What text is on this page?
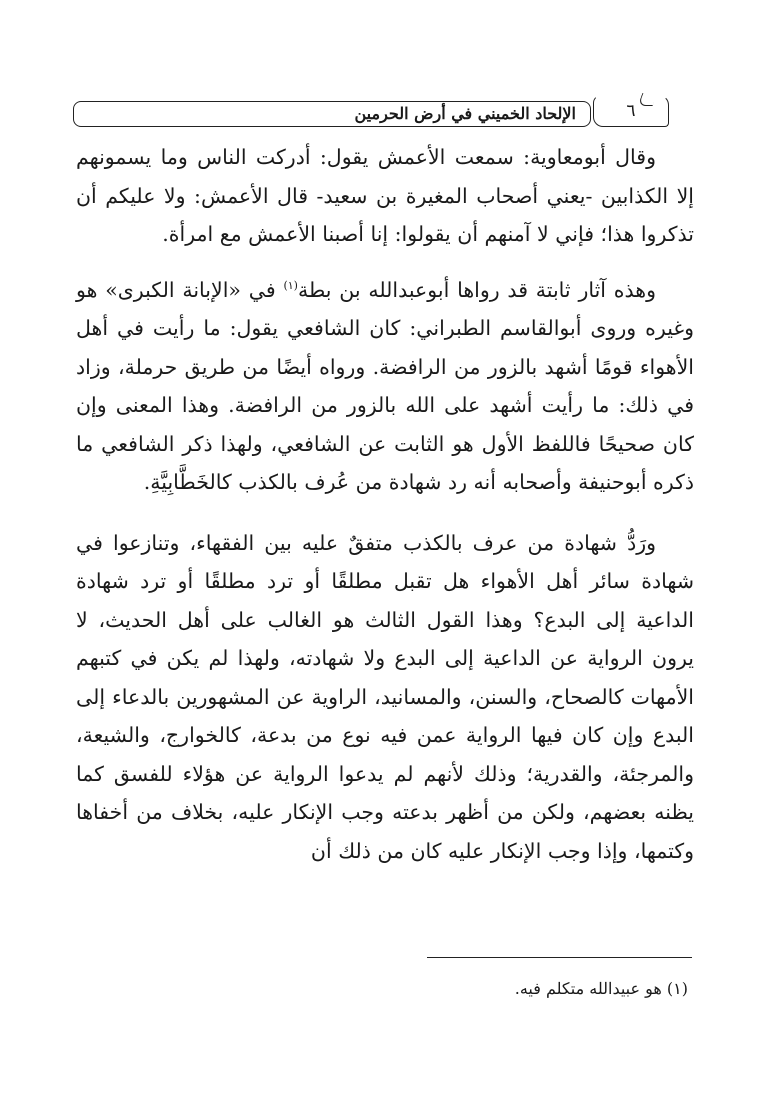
الإلحاد الخميني في أرض الحرمين	٦

وقال أبومعاوية: سمعت الأعمش يقول: أدركت الناس وما يسمونهم إلا الكذابين -يعني أصحاب المغيرة بن سعيد- قال الأعمش: ولا عليكم أن تذكروا هذا؛ فإني لا آمنهم أن يقولوا: إنا أصبنا الأعمش مع امرأة.

وهذه آثار ثابتة قد رواها أبوعبدالله بن بطة$^{(١)}$ في «الإبانة الكبرى» هو وغيره وروى أبوالقاسم الطبراني: كان الشافعي يقول: ما رأيت في أهل الأهواء قومًا أشهد بالزور من الرافضة. ورواه أيضًا من طريق حرملة، وزاد في ذلك: ما رأيت أشهد على الله بالزور من الرافضة. وهذا المعنى وإن كان صحيحًا فاللفظ الأول هو الثابت عن الشافعي، ولهذا ذكر الشافعي ما ذكره أبوحنيفة وأصحابه أنه رد شهادة من عُرف بالكذب كالخَطَّابِيَّةِ.

ورَدُّ شهادة من عرف بالكذب متفقٌ عليه بين الفقهاء، وتنازعوا في شهادة سائر أهل الأهواء هل تقبل مطلقًا أو ترد مطلقًا أو ترد شهادة الداعية إلى البدع؟ وهذا القول الثالث هو الغالب على أهل الحديث، لا يرون الرواية عن الداعية إلى البدع ولا شهادته، ولهذا لم يكن في كتبهم الأمهات كالصحاح، والسنن، والمسانيد، الراوية عن المشهورين بالدعاء إلى البدع وإن كان فيها الرواية عمن فيه نوع من بدعة، كالخوارج، والشيعة، والمرجئة، والقدرية؛ وذلك لأنهم لم يدعوا الرواية عن هؤلاء للفسق كما يظنه بعضهم، ولكن من أظهر بدعته وجب الإنكار عليه، بخلاف من أخفاها وكتمها، وإذا وجب الإنكار عليه كان من ذلك أن

(١) هو عبيدالله متكلم فيه.
